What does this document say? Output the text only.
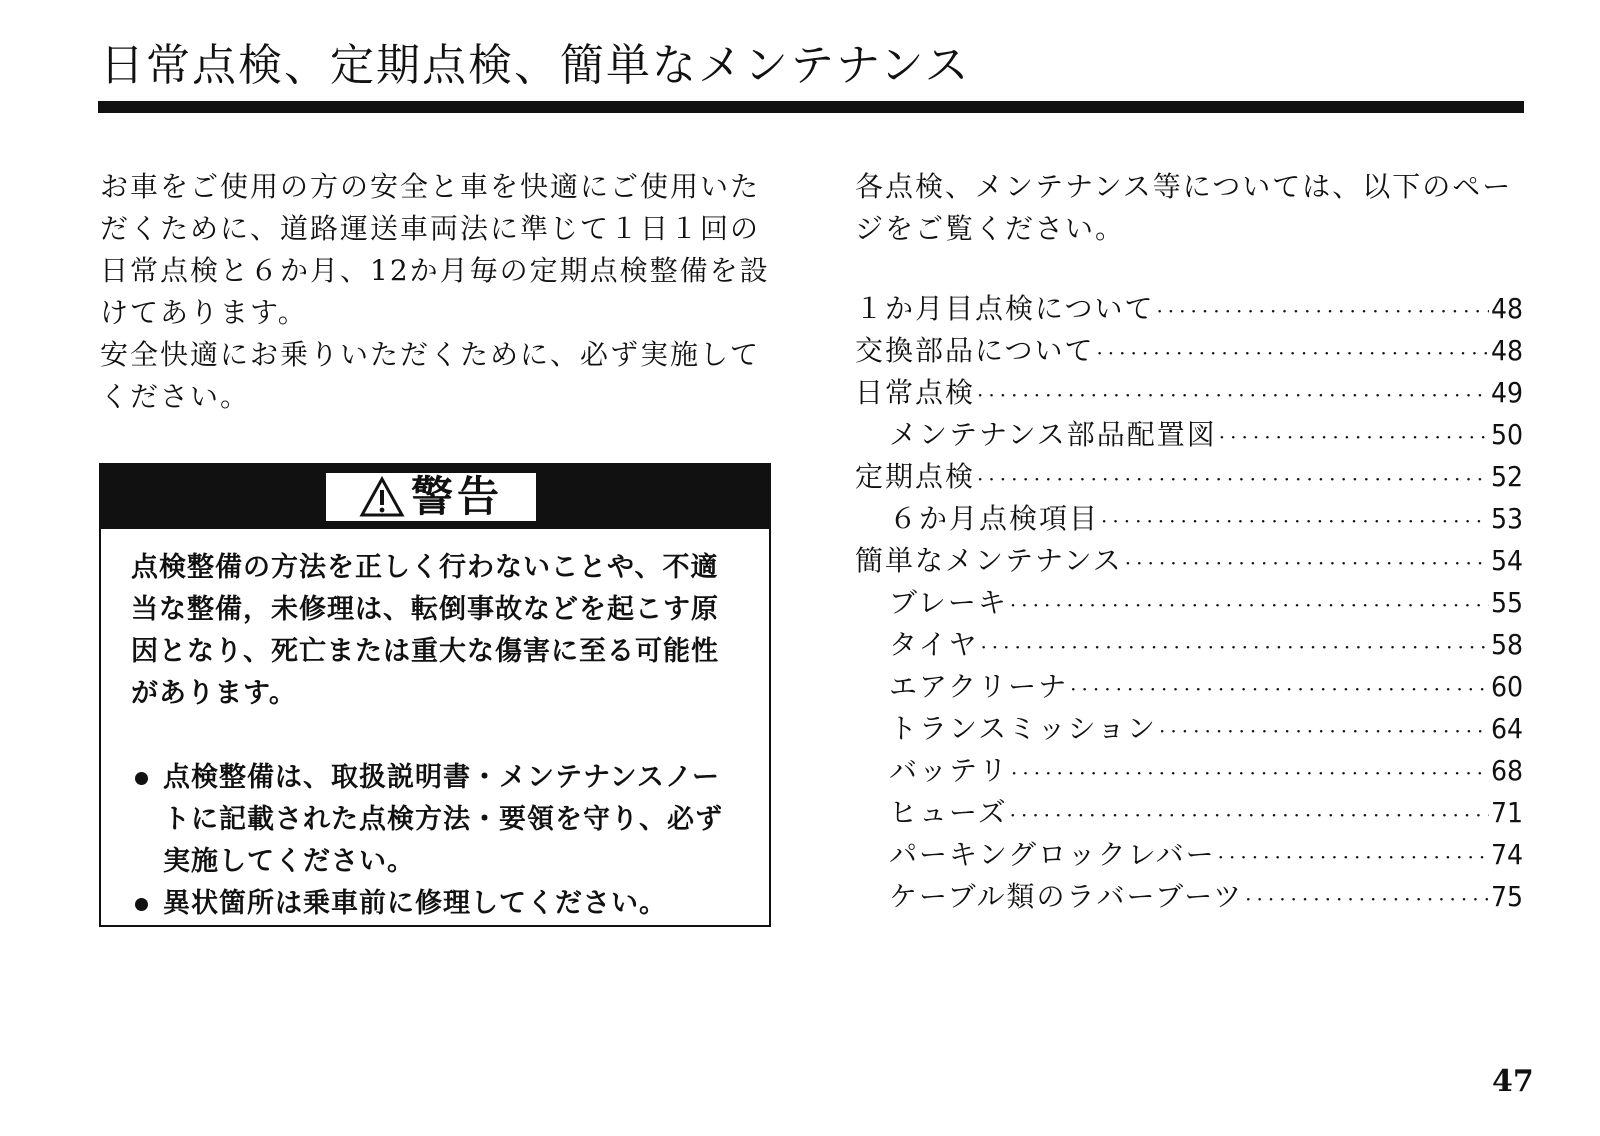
日常点検、定期点検、簡単なメンテナンス

お車をご使用の方の安全と車を快適にご使用いただくために、道路運送車両法に準じて１日１回の日常点検と６か月、12か月毎の定期点検整備を設けてあります。

安全快適にお乗りいただくために、必ず実施してください。

警告

点検整備の方法を正しく行わないことや、不適当な整備，未修理は、転倒事故などを起こす原因となり、死亡または重大な傷害に至る可能性があります。

点検整備は、取扱説明書・メンテナンスノートに記載された点検方法・要領を守り、必ず実施してください。
異状箇所は乗車前に修理してください。
各点検、メンテナンス等については、以下のページをご覧ください。
１か月目点検について ·····	48
交換部品について ·····	48
日常点検 ·····	49
メンテナンス部品配置図 ·····	50
定期点検 ·····	52
６か月点検項目 ·····	53
簡単なメンテナンス ·····	54
ブレーキ ·····	55
タイヤ ·····	58
エアクリーナ ·····	60
トランスミッション ·····	64
バッテリ ·····	68
ヒューズ ·····	71
パーキングロックレバー ·····	74
ケーブル類のラバーブーツ ·····	75
47
